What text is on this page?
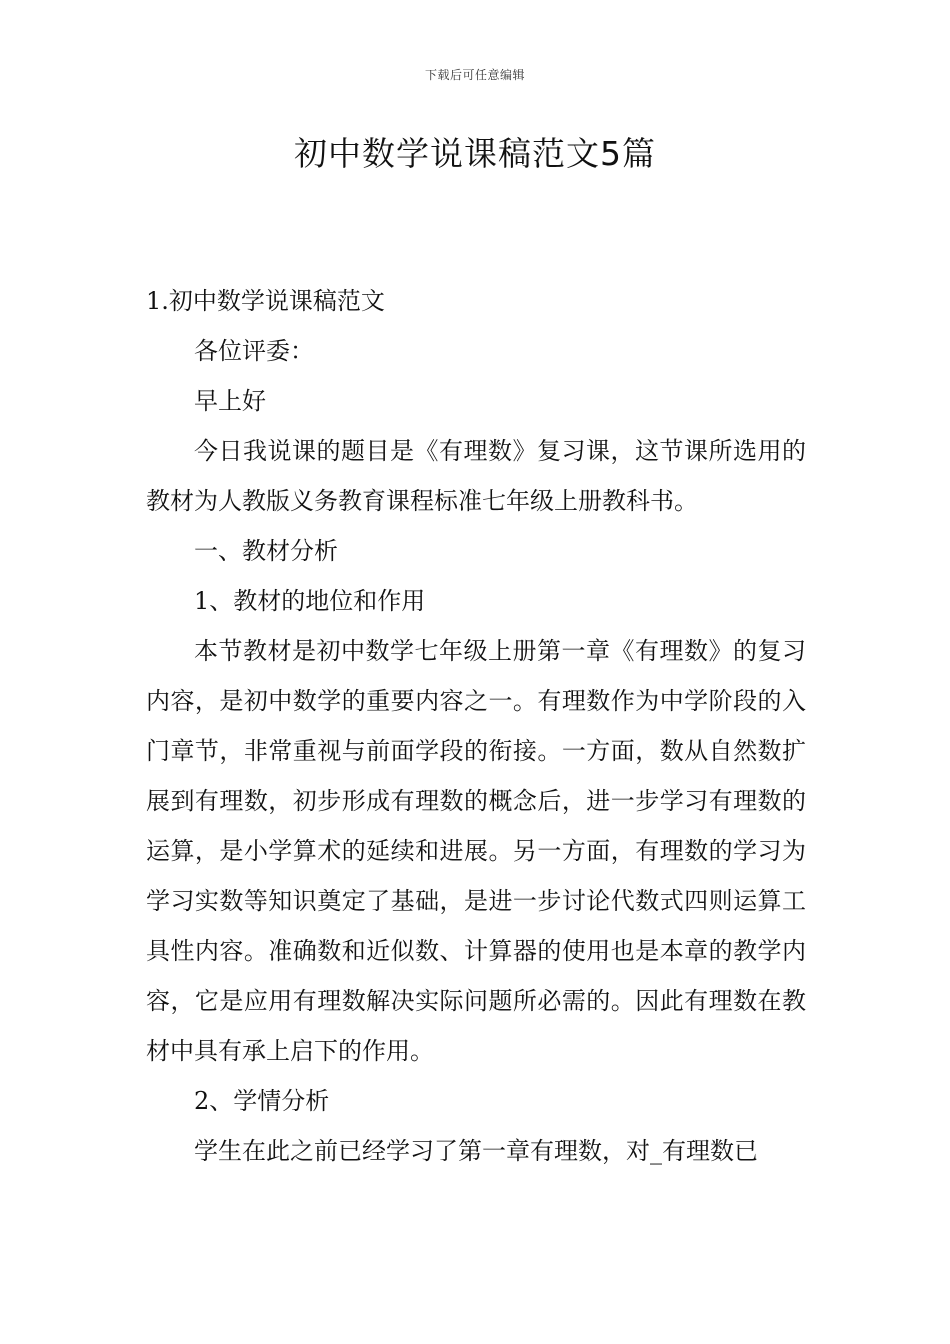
下载后可任意编辑
初中数学说课稿范文5篇

1.初中数学说课稿范文

各位评委：

早上好

今日我说课的题目是《有理数》复习课，这节课所选用的教材为人教版义务教育课程标准七年级上册教科书。

一、教材分析

1、教材的地位和作用

本节教材是初中数学七年级上册第一章《有理数》的复习内容，是初中数学的重要内容之一。有理数作为中学阶段的入门章节，非常重视与前面学段的衔接。一方面，数从自然数扩展到有理数，初步形成有理数的概念后，进一步学习有理数的运算，是小学算术的延续和进展。另一方面，有理数的学习为学习实数等知识奠定了基础，是进一步讨论代数式四则运算工具性内容。准确数和近似数、计算器的使用也是本章的教学内容，它是应用有理数解决实际问题所必需的。因此有理数在教材中具有承上启下的作用。

2、学情分析

学生在此之前已经学习了第一章有理数，对_有理数已
